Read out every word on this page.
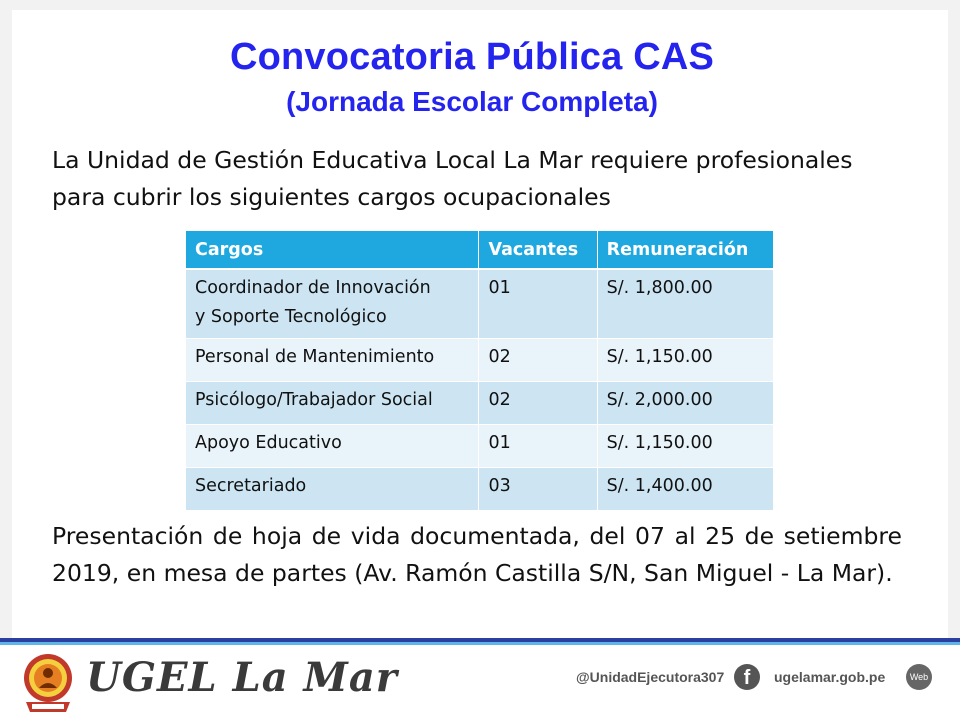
Convocatoria Pública CAS
(Jornada Escolar Completa)
La Unidad de Gestión Educativa Local La Mar requiere profesionales
para cubrir los siguientes cargos ocupacionales
Cargos	Vacantes	Remuneración

Coordinador de Innovación
y Soporte Tecnológico	01	S/. 1,800.00
Personal de Mantenimiento	02	S/. 1,150.00
Psicólogo/Trabajador Social	02	S/. 2,000.00
Apoyo Educativo	01	S/. 1,150.00
Secretariado	03	S/. 1,400.00
Presentación de hoja de vida documentada, del 07 al 25 de setiembre 2019, en mesa de partes (Av. Ramón Castilla S/N, San Miguel - La Mar).
UGEL La Mar	@UnidadEjecutora307 f	ugelamar.gob.pe	Web
